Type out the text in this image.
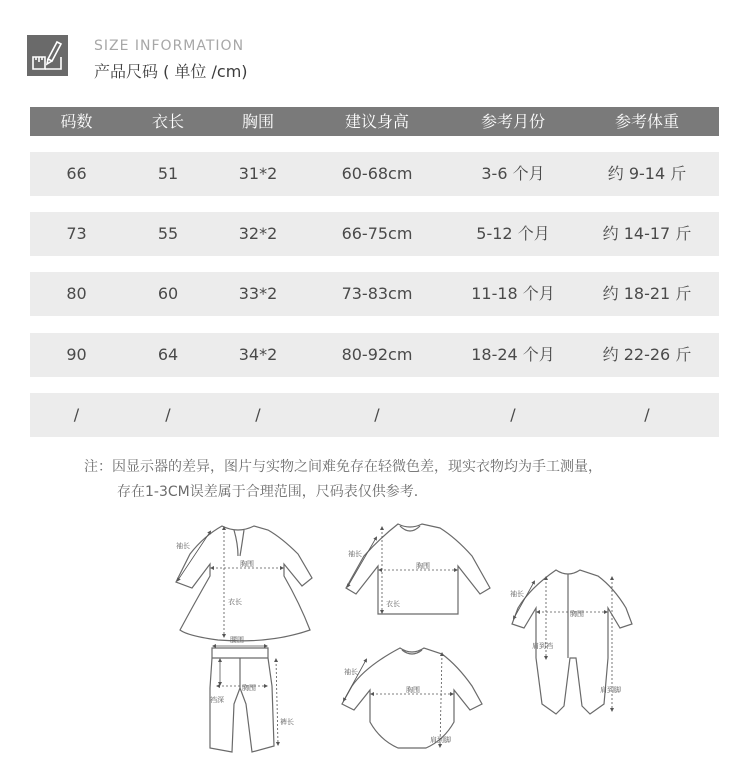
SIZE INFORMATION
产品尺码 ( 单位 /cm)
码数	衣长	胸围	建议身高	参考月份	参考体重
66	51	31*2	60-68cm	3-6 个月	约 9-14 斤
73	55	32*2	66-75cm	5-12 个月	约 14-17 斤
80	60	33*2	73-83cm	11-18 个月	约 18-21 斤
90	64	34*2	80-92cm	18-24 个月	约 22-26 斤
/	/	/	/	/	/
注：因显示器的差异，图片与实物之间难免存在轻微色差，现实衣物均为手工测量，
存在1-3CM误差属于合理范围，尺码表仅供参考.
袖长
胸围
衣长
袖长
胸围
衣长
腰围
胸围
裆深
裤长
袖长
胸围
肩到脚
袖长
胸围
肩到裆
肩到脚
